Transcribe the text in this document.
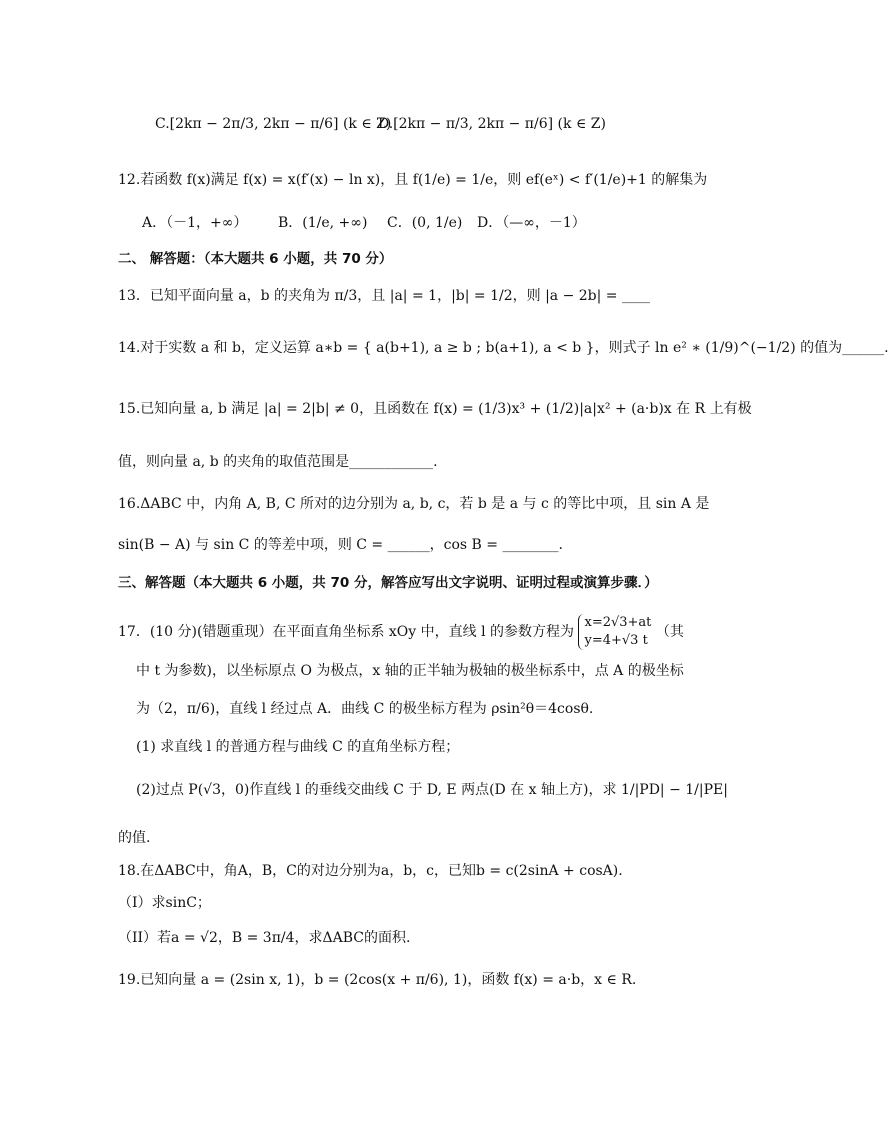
C.[2kπ − 2π/3, 2kπ − π/6] (k ∈ Z)
D.[2kπ − π/3, 2kπ − π/6] (k ∈ Z)
12.若函数 f(x)满足 f(x) = x(f′(x) − ln x)，且 f(1/e) = 1/e，则 ef(eˣ) < f′(1/e)+1 的解集为
A．（－1，+∞） B．(1/e, +∞) C．(0, 1/e) D．（—∞，－1）
二、 解答题：（本大题共 6 小题，共 70 分）
13．已知平面向量 a，b 的夹角为 π/3，且 |a| = 1，|b| = 1/2，则 |a − 2b| = ____
14.对于实数 a 和 b，定义运算 a∗b = { a(b+1), a ≥ b ; b(a+1), a < b }，则式子 ln e² ∗ (1/9)^(−1/2) 的值为______.
15.已知向量 a, b 满足 |a| = 2|b| ≠ 0，且函数在 f(x) = (1/3)x³ + (1/2)|a|x² + (a·b)x 在 R 上有极
值，则向量 a, b 的夹角的取值范围是____________.
16.ΔABC 中，内角 A, B, C 所对的边分别为 a, b, c，若 b 是 a 与 c 的等比中项，且 sin A 是
sin(B − A) 与 sin C 的等差中项，则 C = ______，cos B = ________.
三、解答题（本大题共 6 小题，共 70 分，解答应写出文字说明、证明过程或演算步骤．）
17．(10 分)(错题重现）在平面直角坐标系 xOy 中，直线 l 的参数方程为
x=2√3+at
y=4+√3 t
（其
中 t 为参数)，以坐标原点 O 为极点，x 轴的正半轴为极轴的极坐标系中，点 A 的极坐标
为（2，π/6)，直线 l 经过点 A．曲线 C 的极坐标方程为 ρsin²θ＝4cosθ.
(1) 求直线 l 的普通方程与曲线 C 的直角坐标方程；
(2)过点 P(√3，0)作直线 l 的垂线交曲线 C 于 D, E 两点(D 在 x 轴上方)，求 1/|PD| − 1/|PE|
的值.
18.在ΔABC中，角A，B，C的对边分别为a，b，c，已知b = c(2sinA + cosA).
（I）求sinC；
（II）若a = √2，B = 3π/4，求ΔABC的面积.
19.已知向量 a = (2sin x, 1)，b = (2cos(x + π/6), 1)，函数 f(x) = a·b，x ∈ R.
